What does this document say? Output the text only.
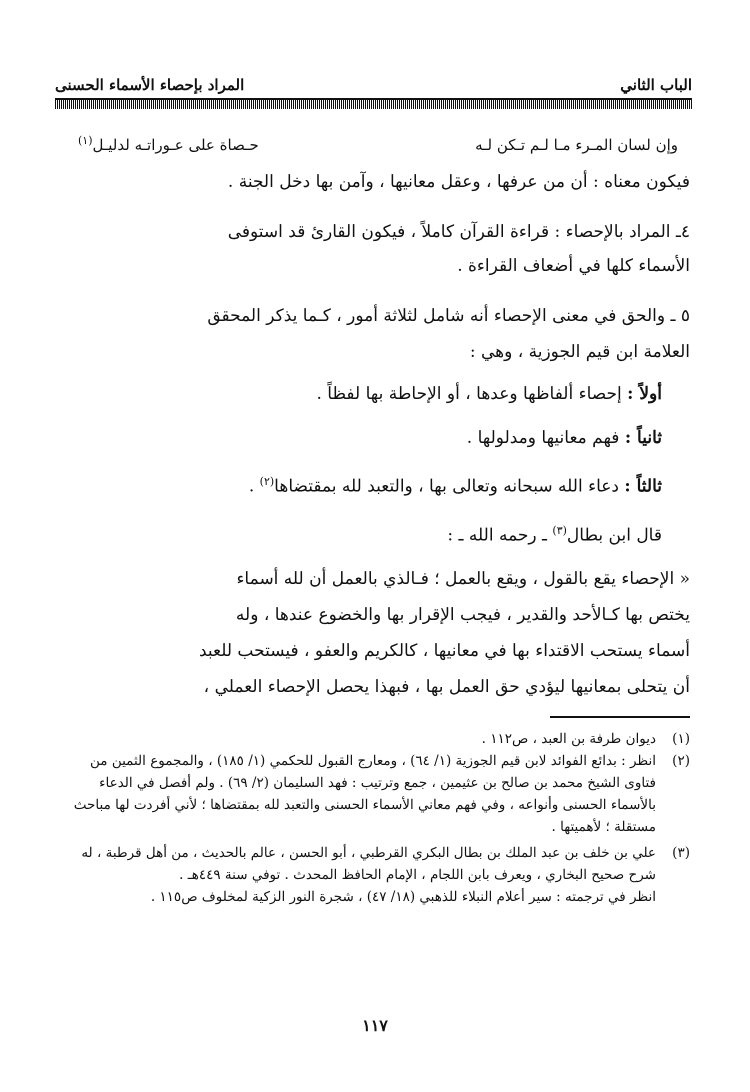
الباب الثاني
المراد بإحصاء الأسماء الحسنى
وإن لسان المـرء مـا لـم تـكن لـه
حـصاة على عـوراتـه لدليـل$^{(١)}$

فيكون معناه : أن من عرفها ، وعقل معانيها ، وآمن بها دخل الجنة .

٤ـ المراد بالإحصاء : قراءة القرآن كاملاً ، فيكون القارئ قد استوفى

الأسماء كلها في أضعاف القراءة .

٥ ـ والحق في معنى الإحصاء أنه شامل لثلاثة أمور ، كـما يذكر المحقق

العلامة ابن قيم الجوزية ، وهي :

أولاً : إحصاء ألفاظها وعدها ، أو الإحاطة بها لفظاً .

ثانياً : فهم معانيها ومدلولها .

ثالثاً : دعاء الله سبحانه وتعالى بها ، والتعبد لله بمقتضاها$^{(٢)}$ .

قال ابن بطال$^{(٣)}$ ـ رحمه الله ـ :

« الإحصاء يقع بالقول ، ويقع بالعمل ؛ فـالذي بالعمل أن لله أسماء

يختص بها كـالأحد والقدير ، فيجب الإقرار بها والخضوع عندها ، وله

أسماء يستحب الاقتداء بها في معانيها ، كالكريم والعفو ، فيستحب للعبد

أن يتحلى بمعانيها ليؤدي حق العمل بها ، فبهذا يحصل الإحصاء العملي ،

(١)
ديوان طرفة بن العبد ، ص١١٢ .
(٢)
انظر : بدائع الفوائد لابن قيم الجوزية (١/ ٦٤) ، ومعارج القبول للحكمي (١/ ١٨٥) ، والمجموع الثمين من فتاوى الشيخ محمد بن صالح بن عثيمين ، جمع وترتيب : فهد السليمان (٢/ ٦٩) . ولم أفصل في الدعاء بالأسماء الحسنى وأنواعه ، وفي فهم معاني الأسماء الحسنى والتعبد لله بمقتضاها ؛ لأني أفردت لها مباحث مستقلة ؛ لأهميتها .
(٣)
علي بن خلف بن عبد الملك بن بطال البكري القرطبي ، أبو الحسن ، عالم بالحديث ، من أهل قرطبة ، له شرح صحيح البخاري ، ويعرف بابن اللجام ، الإمام الحافظ المحدث . توفي سنة ٤٤٩هـ .
انظر في ترجمته : سير أعلام النبلاء للذهبي (١٨/ ٤٧) ، شجرة النور الزكية لمخلوف ص١١٥ .
١١٧
